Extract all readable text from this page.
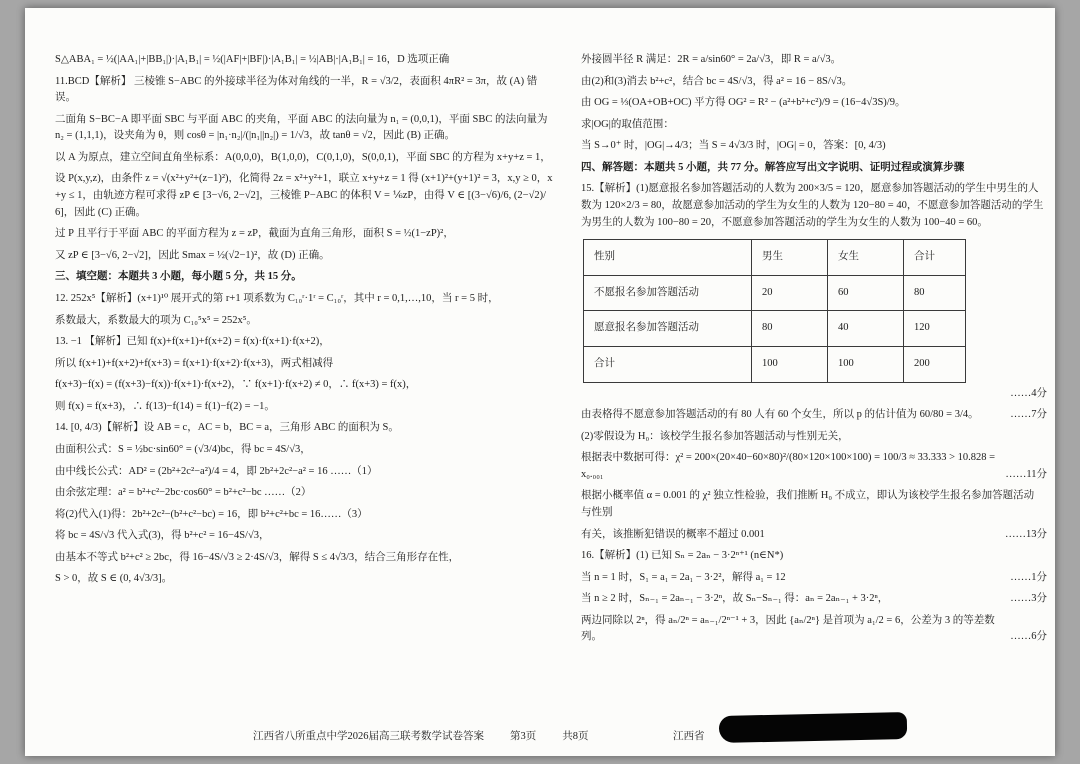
S△ABA₁ = ½(|AA₁|+|BB₁|)·|A₁B₁| = ½(|AF|+|BF|)·|A₁B₁| = ½|AB|·|A₁B₁| = 16，D 选项正确
11.BCD【解析】 三棱锥 S−ABC 的外接球半径为体对角线的一半，R = √3/2，表面积 4πR² = 3π，故 (A) 错误。
二面角 S−BC−A 即平面 SBC 与平面 ABC 的夹角，平面 ABC 的法向量为 n₁ = (0,0,1)，平面 SBC 的法向量为 n₂ = (1,1,1)，设夹角为 θ，则 cosθ = |n₁·n₂|/(|n₁||n₂|) = 1/√3，故 tanθ = √2，因此 (B) 正确。
以 A 为原点，建立空间直角坐标系：A(0,0,0)，B(1,0,0)，C(0,1,0)，S(0,0,1)，平面 SBC 的方程为 x+y+z = 1，
设 P(x,y,z)，由条件 z = √(x²+y²+(z−1)²)，化简得 2z = x²+y²+1，联立 x+y+z = 1 得 (x+1)²+(y+1)² = 3，x,y ≥ 0，x+y ≤ 1，由轨迹方程可求得 zP ∈ [3−√6, 2−√2]，三棱锥 P−ABC 的体积 V = ⅙zP，由得 V ∈ [(3−√6)/6, (2−√2)/6]，因此 (C) 正确。
过 P 且平行于平面 ABC 的平面方程为 z = zP，截面为直角三角形，面积 S = ½(1−zP)²，
又 zP ∈ [3−√6, 2−√2]，因此 Smax = ½(√2−1)²，故 (D) 正确。
三、填空题：本题共 3 小题，每小题 5 分，共 15 分。
12. 252x⁵【解析】(x+1)¹⁰ 展开式的第 r+1 项系数为 C₁₀ʳ·1ʳ = C₁₀ʳ，其中 r = 0,1,…,10，当 r = 5 时，
系数最大，系数最大的项为 C₁₀⁵x⁵ = 252x⁵。
13. −1 【解析】已知 f(x)+f(x+1)+f(x+2) = f(x)·f(x+1)·f(x+2)，
所以 f(x+1)+f(x+2)+f(x+3) = f(x+1)·f(x+2)·f(x+3)，两式相减得
f(x+3)−f(x) = (f(x+3)−f(x))·f(x+1)·f(x+2)，∵ f(x+1)·f(x+2) ≠ 0，∴ f(x+3) = f(x)，
则 f(x) = f(x+3)，∴ f(13)−f(14) = f(1)−f(2) = −1。
14. [0, 4/3)【解析】设 AB = c，AC = b，BC = a，三角形 ABC 的面积为 S。
由面积公式：S = ½bc·sin60° = (√3/4)bc，得 bc = 4S/√3，
由中线长公式：AD² = (2b²+2c²−a²)/4 = 4，即 2b²+2c²−a² = 16 ……（1）
由余弦定理：a² = b²+c²−2bc·cos60° = b²+c²−bc ……（2）
将(2)代入(1)得：2b²+2c²−(b²+c²−bc) = 16，即 b²+c²+bc = 16……（3）
将 bc = 4S/√3 代入式(3)，得 b²+c² = 16−4S/√3，
由基本不等式 b²+c² ≥ 2bc，得 16−4S/√3 ≥ 2·4S/√3，解得 S ≤ 4√3/3，结合三角形存在性，
S > 0，故 S ∈ (0, 4√3/3]。
外接圆半径 R 满足：2R = a/sin60° = 2a/√3，即 R = a/√3。
由(2)和(3)消去 b²+c²，结合 bc = 4S/√3，得 a² = 16 − 8S/√3。
由 OG = ⅓(OA+OB+OC) 平方得 OG² = R² − (a²+b²+c²)/9 = (16−4√3S)/9。
求|OG|的取值范围：
当 S→0⁺ 时，|OG|→4/3；当 S = 4√3/3 时，|OG| = 0，答案：[0, 4/3)
四、解答题：本题共 5 小题，共 77 分。解答应写出文字说明、证明过程或演算步骤
15.【解析】(1)愿意报名参加答题活动的人数为 200×3/5 = 120，愿意参加答题活动的学生中男生的人数为 120×2/3 = 80，故愿意参加活动的学生为女生的人数为 120−80 = 40，不愿意参加答题活动的学生为男生的人数为 100−80 = 20，不愿意参加答题活动的学生为女生的人数为 100−40 = 60。
性别	男生	女生	合计
不愿报名参加答题活动	20	60	80
愿意报名参加答题活动	80	40	120
合计	100	100	200
……4分
由表格得不愿意参加答题活动的有 80 人有 60 个女生，所以 p 的估计值为 60/80 = 3/4。	……7分
(2)零假设为 H₀：该校学生报名参加答题活动与性别无关，
根据表中数据可得：χ² = 200×(20×40−60×80)²/(80×120×100×100) = 100/3 ≈ 33.333 > 10.828 = x₀.₀₀₁	……11分
根据小概率值 α = 0.001 的 χ² 独立性检验，我们推断 H₀ 不成立，即认为该校学生报名参加答题活动与性别
有关，该推断犯错误的概率不超过 0.001	……13分
16.【解析】(1) 已知 Sₙ = 2aₙ − 3·2ⁿ⁺¹ (n∈N*)
当 n = 1 时，S₁ = a₁ = 2a₁ − 3·2²，解得 a₁ = 12	……1分
当 n ≥ 2 时，Sₙ₋₁ = 2aₙ₋₁ − 3·2ⁿ，故 Sₙ−Sₙ₋₁ 得：aₙ = 2aₙ₋₁ + 3·2ⁿ，	……3分
两边同除以 2ⁿ，得 aₙ/2ⁿ = aₙ₋₁/2ⁿ⁻¹ + 3，因此 {aₙ/2ⁿ} 是首项为 a₁/2 = 6，公差为 3 的等差数列。	……6分
江西省八所重点中学2026届高三联考数学试卷答案 第3页 共8页	江西省
